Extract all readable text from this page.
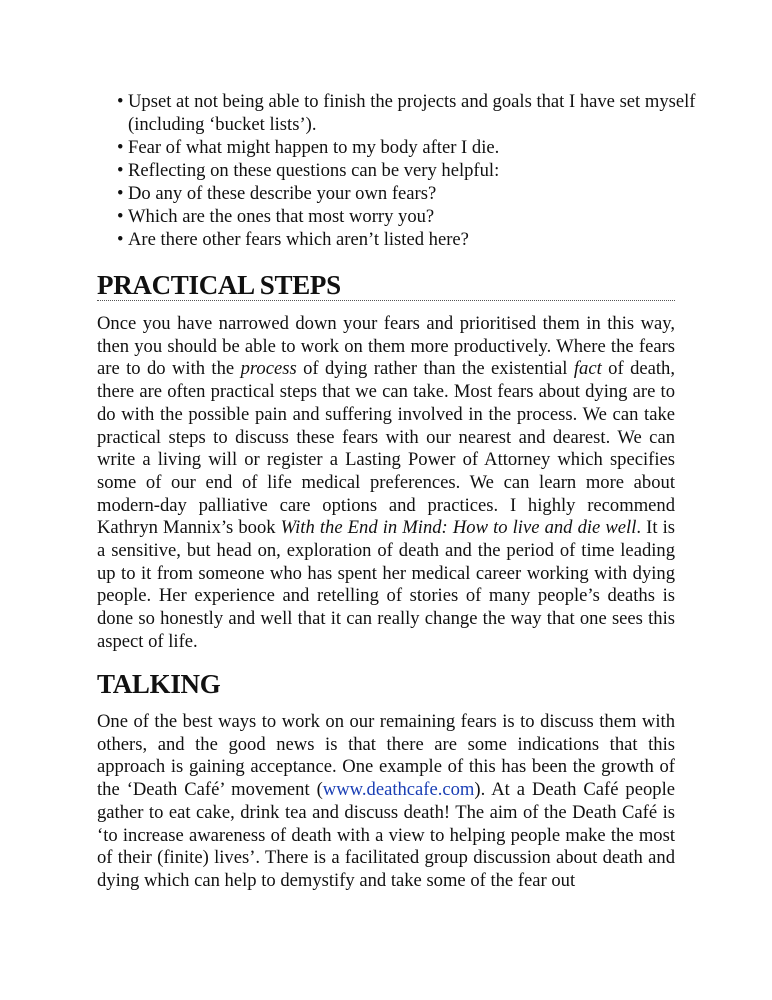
• Upset at not being able to finish the projects and goals that I have set myself (including ‘bucket lists’).
• Fear of what might happen to my body after I die.
• Reflecting on these questions can be very helpful:
• Do any of these describe your own fears?
• Which are the ones that most worry you?
• Are there other fears which aren’t listed here?
PRACTICAL STEPS

Once you have narrowed down your fears and prioritised them in this way, then you should be able to work on them more productively. Where the fears are to do with the process of dying rather than the existential fact of death, there are often practical steps that we can take. Most fears about dying are to do with the possible pain and suffering involved in the process. We can take practical steps to discuss these fears with our nearest and dearest. We can write a living will or register a Lasting Power of Attorney which specifies some of our end of life medical preferences. We can learn more about modern-day palliative care options and practices. I highly recommend Kathryn Mannix’s book With the End in Mind: How to live and die well. It is a sensitive, but head on, exploration of death and the period of time leading up to it from someone who has spent her medical career working with dying people. Her experience and retelling of stories of many people’s deaths is done so honestly and well that it can really change the way that one sees this aspect of life.

TALKING

One of the best ways to work on our remaining fears is to discuss them with others, and the good news is that there are some indications that this approach is gaining acceptance. One example of this has been the growth of the ‘Death Café’ movement (www.deathcafe.com). At a Death Café people gather to eat cake, drink tea and discuss death! The aim of the Death Café is ‘to increase awareness of death with a view to helping people make the most of their (finite) lives’. There is a facilitated group discussion about death and dying which can help to demystify and take some of the fear out
